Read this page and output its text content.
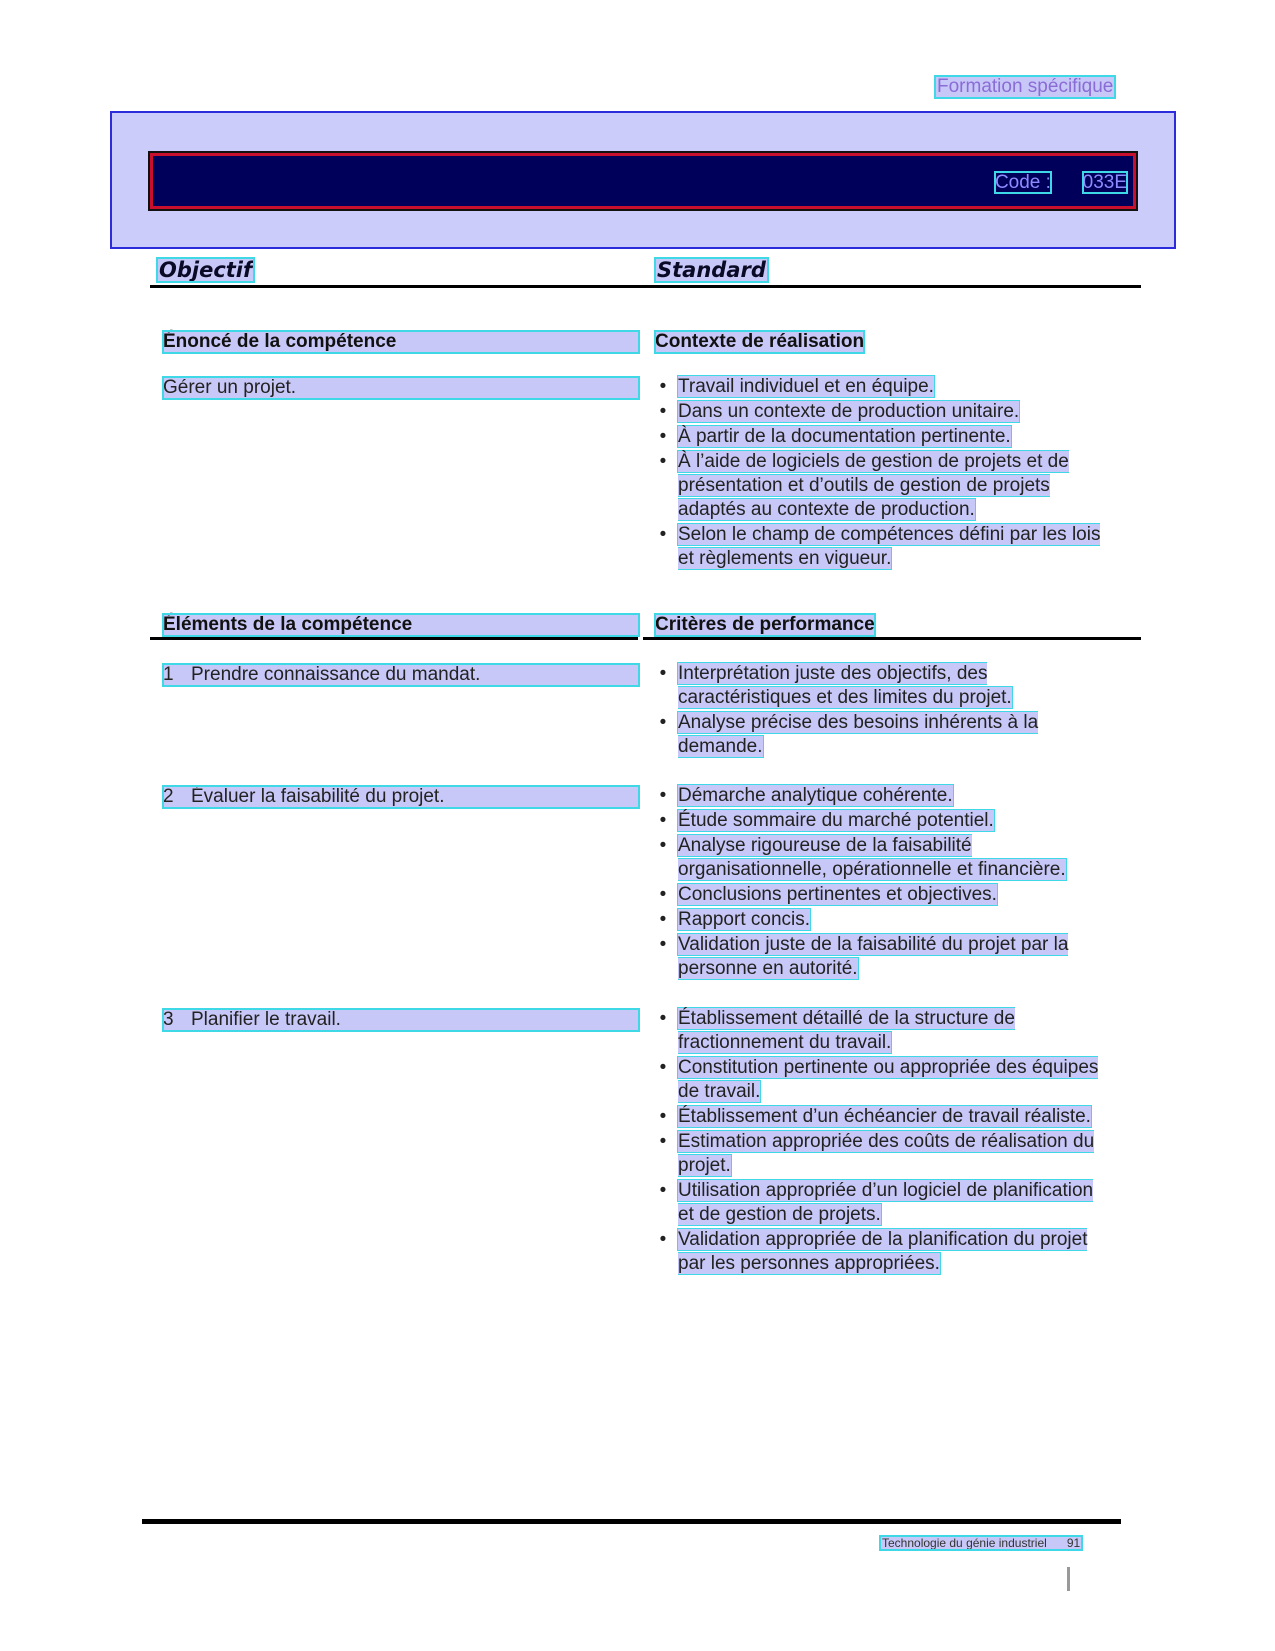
Formation spécifique
Code : 033E
Objectif	Standard
Énoncé de la compétence	Contexte de réalisation
Gérer un projet.	• Travail individuel et en équipe.
• Dans un contexte de production unitaire.
• À partir de la documentation pertinente.
• À l’aide de logiciels de gestion de projets et de présentation et d’outils de gestion de projets adaptés au contexte de production.
• Selon le champ de compétences défini par les lois et règlements en vigueur.
Éléments de la compétence	Critères de performance
1 Prendre connaissance du mandat.	• Interprétation juste des objectifs, des caractéristiques et des limites du projet.
• Analyse précise des besoins inhérents à la demande.
2 Évaluer la faisabilité du projet.	• Démarche analytique cohérente.
• Étude sommaire du marché potentiel.
• Analyse rigoureuse de la faisabilité organisationnelle, opérationnelle et financière.
• Conclusions pertinentes et objectives.
• Rapport concis.
• Validation juste de la faisabilité du projet par la personne en autorité.
3 Planifier le travail.	• Établissement détaillé de la structure de fractionnement du travail.
• Constitution pertinente ou appropriée des équipes de travail.
• Établissement d’un échéancier de travail réaliste.
• Estimation appropriée des coûts de réalisation du projet.
• Utilisation appropriée d’un logiciel de planification et de gestion de projets.
• Validation appropriée de la planification du projet par les personnes appropriées.
Technologie du génie industriel 91
